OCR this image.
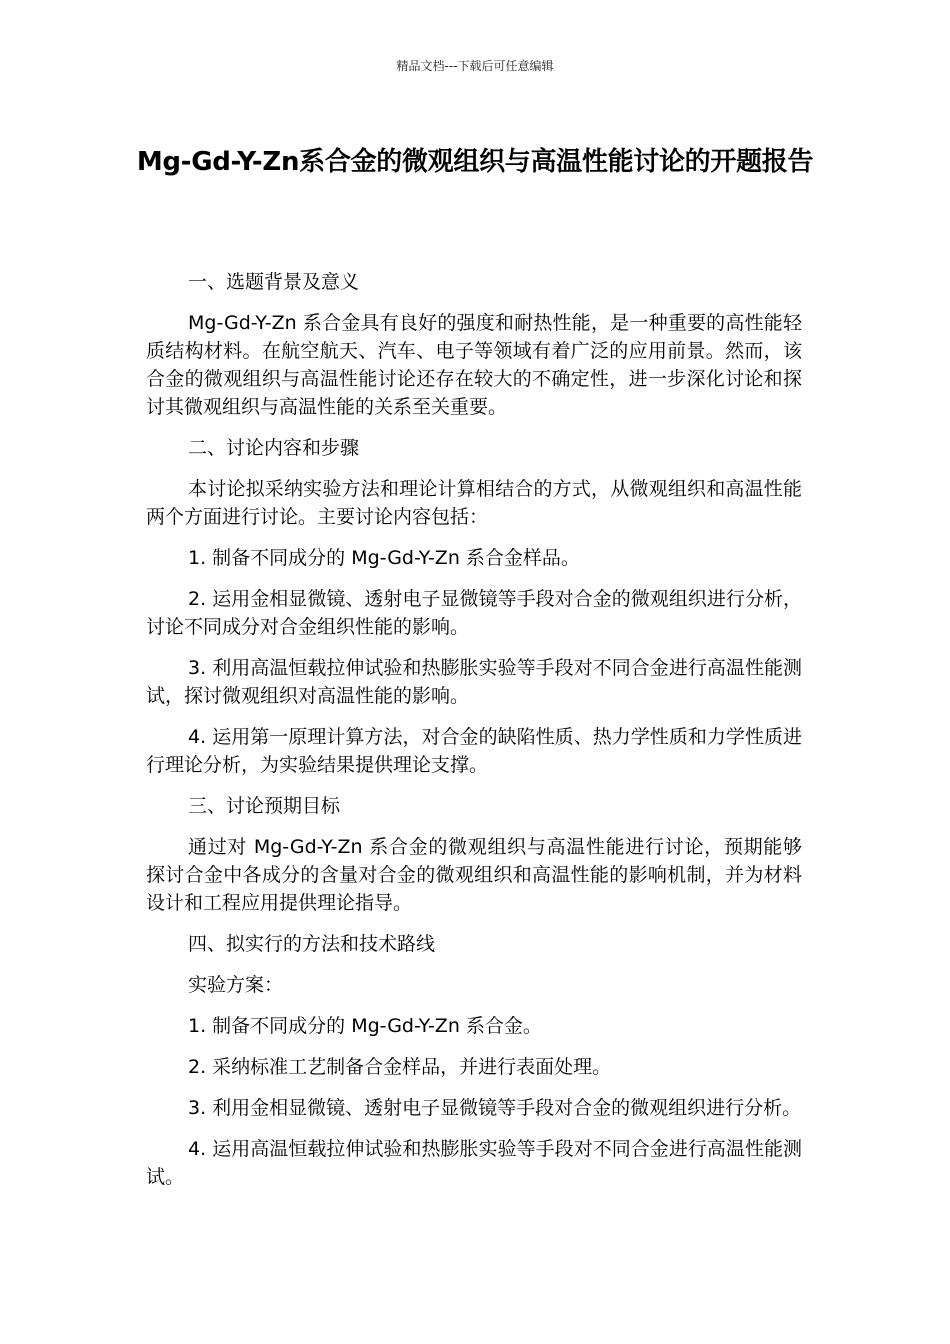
精品文档---下载后可任意编辑
Mg-Gd-Y-Zn系合金的微观组织与高温性能讨论的开题报告

一、选题背景及意义

Mg-Gd-Y-Zn 系合金具有良好的强度和耐热性能，是一种重要的高性能轻质结构材料。在航空航天、汽车、电子等领域有着广泛的应用前景。然而，该合金的微观组织与高温性能讨论还存在较大的不确定性，进一步深化讨论和探讨其微观组织与高温性能的关系至关重要。

二、讨论内容和步骤

本讨论拟采纳实验方法和理论计算相结合的方式，从微观组织和高温性能两个方面进行讨论。主要讨论内容包括：

1. 制备不同成分的 Mg-Gd-Y-Zn 系合金样品。

2. 运用金相显微镜、透射电子显微镜等手段对合金的微观组织进行分析，讨论不同成分对合金组织性能的影响。

3. 利用高温恒载拉伸试验和热膨胀实验等手段对不同合金进行高温性能测试，探讨微观组织对高温性能的影响。

4. 运用第一原理计算方法，对合金的缺陷性质、热力学性质和力学性质进行理论分析，为实验结果提供理论支撑。

三、讨论预期目标

通过对 Mg-Gd-Y-Zn 系合金的微观组织与高温性能进行讨论，预期能够探讨合金中各成分的含量对合金的微观组织和高温性能的影响机制，并为材料设计和工程应用提供理论指导。

四、拟实行的方法和技术路线

实验方案：

1. 制备不同成分的 Mg-Gd-Y-Zn 系合金。

2. 采纳标准工艺制备合金样品，并进行表面处理。

3. 利用金相显微镜、透射电子显微镜等手段对合金的微观组织进行分析。

4. 运用高温恒载拉伸试验和热膨胀实验等手段对不同合金进行高温性能测试。
